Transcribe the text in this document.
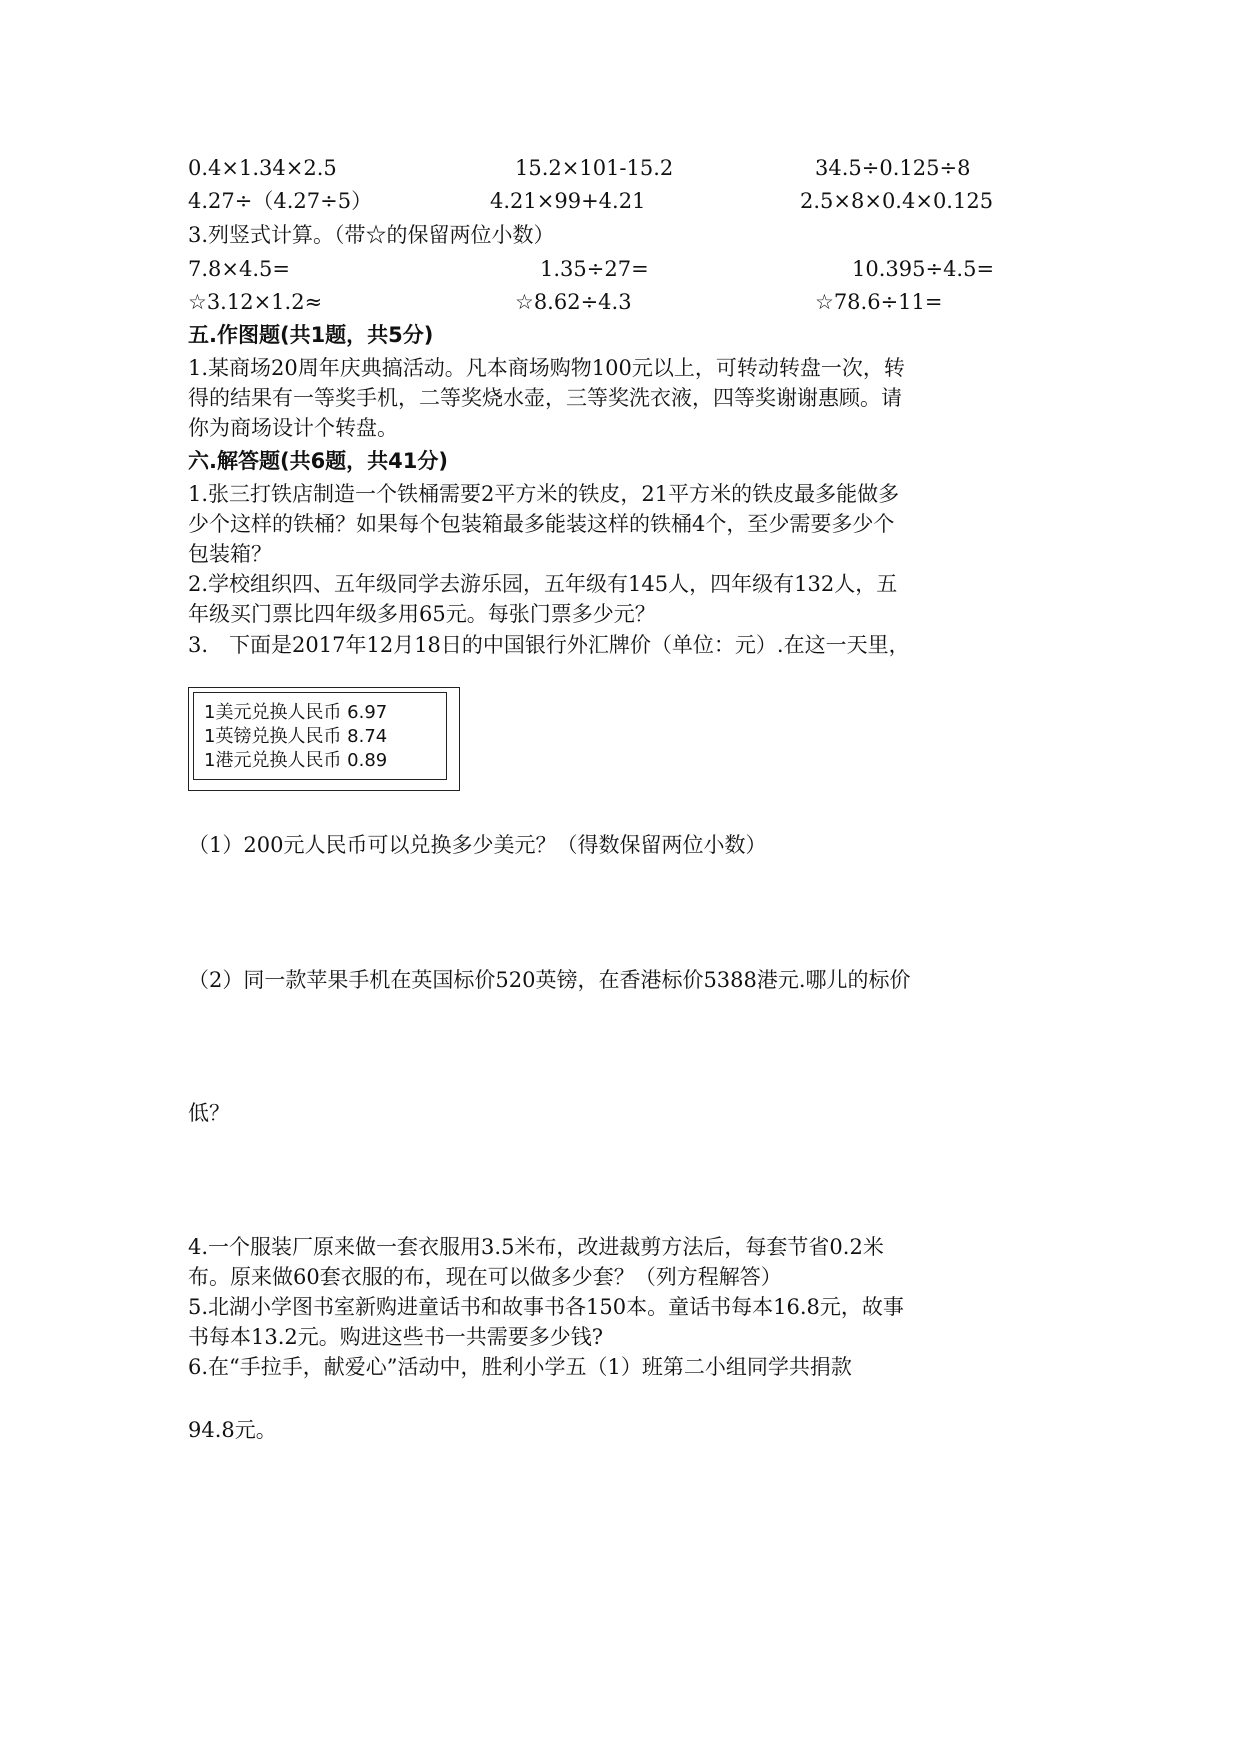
0.4×1.34×2.5	15.2×101-15.2	34.5÷0.125÷8
4.27÷（4.27÷5）	4.21×99+4.21	2.5×8×0.4×0.125
3.列竖式计算。（带☆的保留两位小数）
7.8×4.5=	1.35÷27=	10.395÷4.5=
☆3.12×1.2≈	☆8.62÷4.3	☆78.6÷11=
五.作图题(共1题，共5分)
1.某商场20周年庆典搞活动。凡本商场购物100元以上，可转动转盘一次，转
得的结果有一等奖手机，二等奖烧水壶，三等奖洗衣液，四等奖谢谢惠顾。请
你为商场设计个转盘。
六.解答题(共6题，共41分)
1.张三打铁店制造一个铁桶需要2平方米的铁皮，21平方米的铁皮最多能做多
少个这样的铁桶？如果每个包装箱最多能装这样的铁桶4个，至少需要多少个
包装箱？
2.学校组织四、五年级同学去游乐园，五年级有145人，四年级有132人，五
年级买门票比四年级多用65元。每张门票多少元？
3.　下面是2017年12月18日的中国银行外汇牌价（单位：元）.在这一天里，
1美元兑换人民币 6.97
1英镑兑换人民币 8.74
1港元兑换人民币 0.89
（1）200元人民币可以兑换多少美元？（得数保留两位小数）
（2）同一款苹果手机在英国标价520英镑，在香港标价5388港元.哪儿的标价
低？
4.一个服装厂原来做一套衣服用3.5米布，改进裁剪方法后，每套节省0.2米
布。原来做60套衣服的布，现在可以做多少套？（列方程解答）
5.北湖小学图书室新购进童话书和故事书各150本。童话书每本16.8元，故事
书每本13.2元。购进这些书一共需要多少钱?
6.在“手拉手，献爱心”活动中，胜利小学五（1）班第二小组同学共捐款
94.8元。
